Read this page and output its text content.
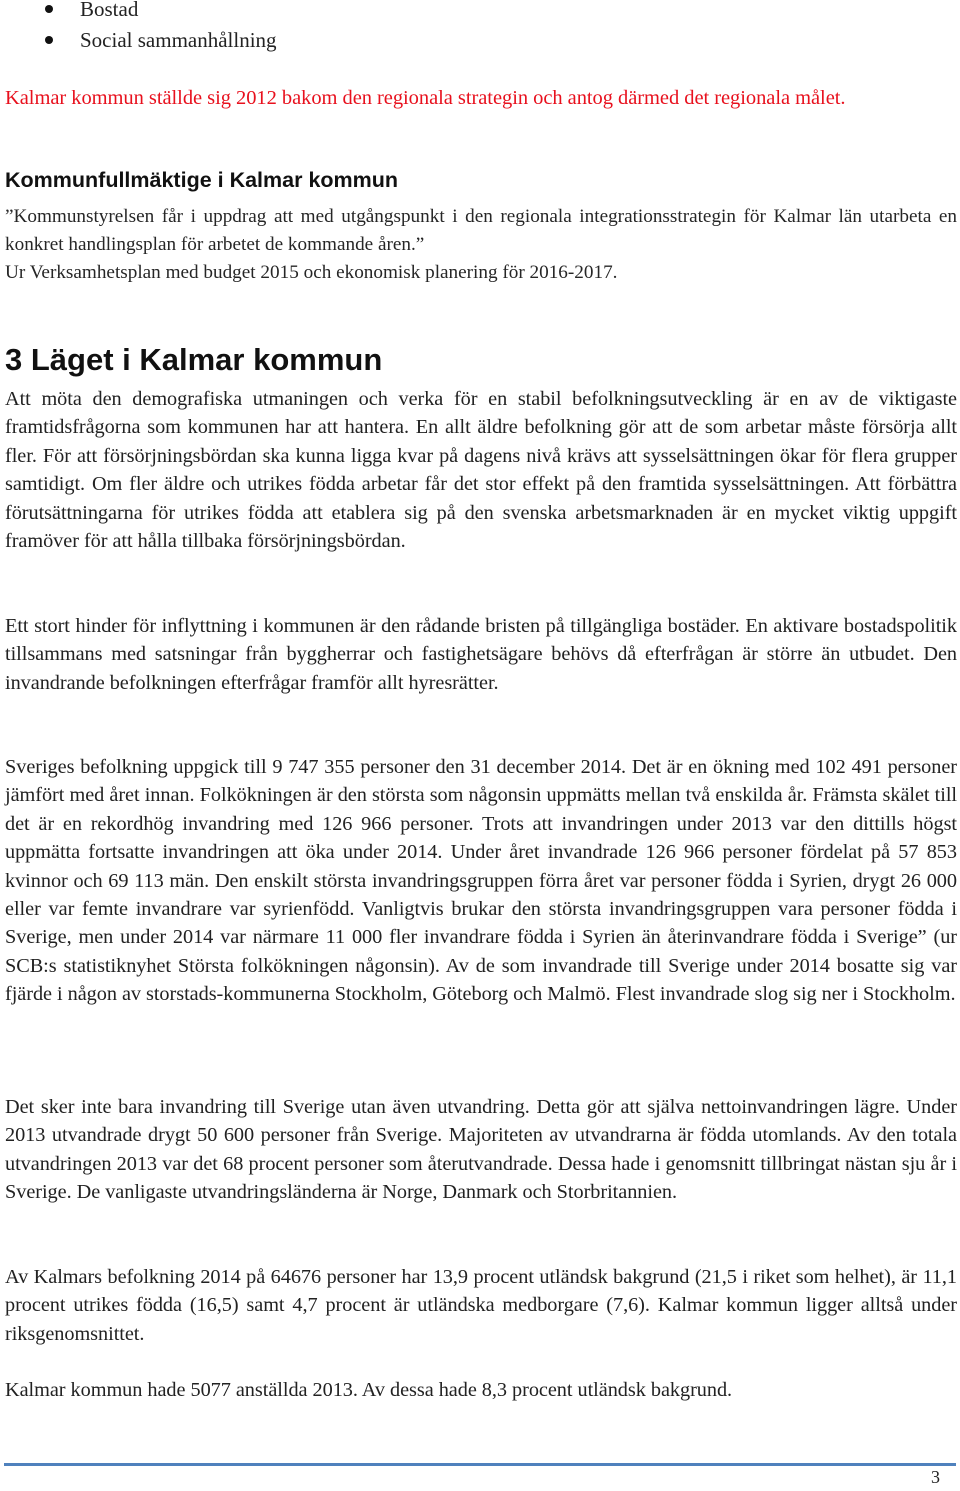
Bostad
Social sammanhållning

Kalmar kommun ställde sig 2012 bakom den regionala strategin och antog därmed det regionala målet.

Kommunfullmäktige i Kalmar kommun

”Kommunstyrelsen får i uppdrag att med utgångspunkt i den regionala integrationsstrategin för Kalmar län utarbeta en konkret handlingsplan för arbetet de kommande åren.”

Ur Verksamhetsplan med budget 2015 och ekonomisk planering för 2016-2017.

3 Läget i Kalmar kommun

Att möta den demografiska utmaningen och verka för en stabil befolkningsutveckling är en av de viktigaste framtidsfrågorna som kommunen har att hantera. En allt äldre befolkning gör att de som arbetar måste försörja allt fler. För att försörjningsbördan ska kunna ligga kvar på dagens nivå krävs att sysselsättningen ökar för flera grupper samtidigt. Om fler äldre och utrikes födda arbetar får det stor effekt på den framtida sysselsättningen. Att förbättra förutsättningarna för utrikes födda att etablera sig på den svenska arbetsmarknaden är en mycket viktig uppgift framöver för att hålla tillbaka försörjningsbördan.

Ett stort hinder för inflyttning i kommunen är den rådande bristen på tillgängliga bostäder. En aktivare bostadspolitik tillsammans med satsningar från byggherrar och fastighetsägare behövs då efterfrågan är större än utbudet. Den invandrande befolkningen efterfrågar framför allt hyresrätter.

Sveriges befolkning uppgick till 9 747 355 personer den 31 december 2014. Det är en ökning med 102 491 personer jämfört med året innan. Folkökningen är den största som någonsin uppmätts mellan två enskilda år. Främsta skälet till det är en rekordhög invandring med 126 966 personer. Trots att invandringen under 2013 var den dittills högst uppmätta fortsatte invandringen att öka under 2014. Under året invandrade 126 966 personer fördelat på 57 853 kvinnor och 69 113 män. Den enskilt största invandringsgruppen förra året var personer födda i Syrien, drygt 26 000 eller var femte invandrare var syrienfödd. Vanligtvis brukar den största invandringsgruppen vara personer födda i Sverige, men under 2014 var närmare 11 000 fler invandrare födda i Syrien än återinvandrare födda i Sverige” (ur SCB:s statistiknyhet Största folkökningen någonsin). Av de som invandrade till Sverige under 2014 bosatte sig var fjärde i någon av storstads-kommunerna Stockholm, Göteborg och Malmö. Flest invandrade slog sig ner i Stockholm.

Det sker inte bara invandring till Sverige utan även utvandring. Detta gör att själva nettoinvandringen lägre. Under 2013 utvandrade drygt 50 600 personer från Sverige. Majoriteten av utvandrarna är födda utomlands. Av den totala utvandringen 2013 var det 68 procent personer som återutvandrade. Dessa hade i genomsnitt tillbringat nästan sju år i Sverige. De vanligaste utvandringsländerna är Norge, Danmark och Storbritannien.

Av Kalmars befolkning 2014 på 64676 personer har 13,9 procent utländsk bakgrund (21,5 i riket som helhet), är 11,1 procent utrikes födda (16,5) samt 4,7 procent är utländska medborgare (7,6). Kalmar kommun ligger alltså under riksgenomsnittet.

Kalmar kommun hade 5077 anställda 2013. Av dessa hade 8,3 procent utländsk bakgrund.

3
